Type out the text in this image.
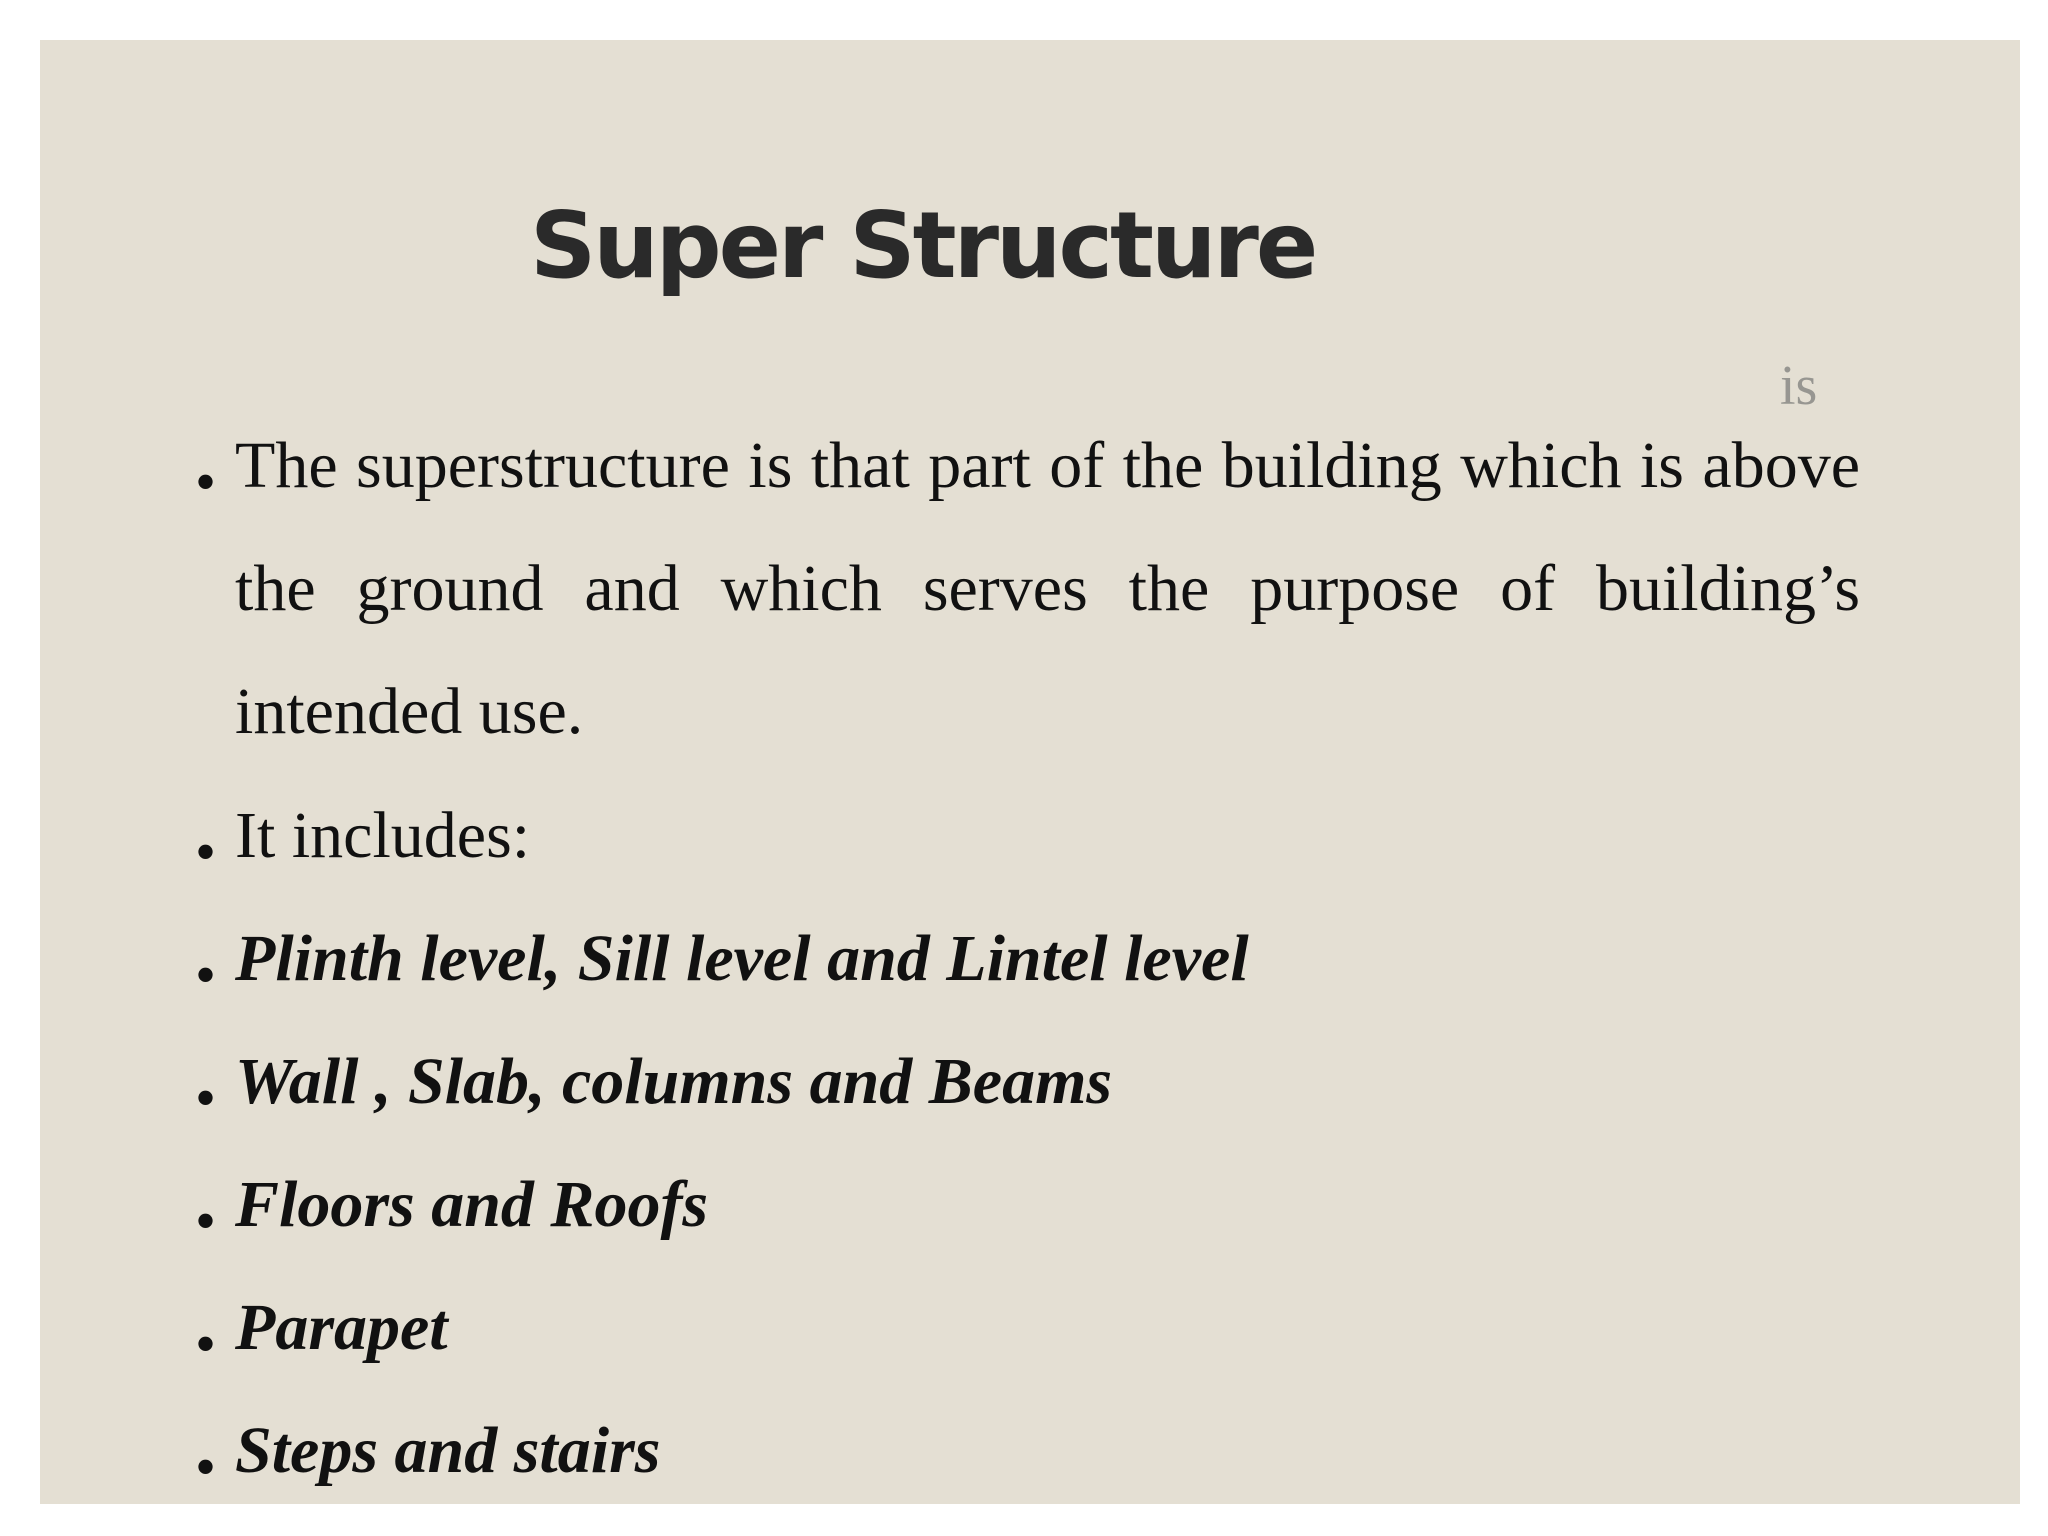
Super Structure
is
• The superstructure is that part of the building which is above the ground and which serves the purpose of building’s intended use.

• It includes:

• Plinth level, Sill level and Lintel level

• Wall , Slab, columns and Beams

• Floors and Roofs

• Parapet

• Steps and stairs
